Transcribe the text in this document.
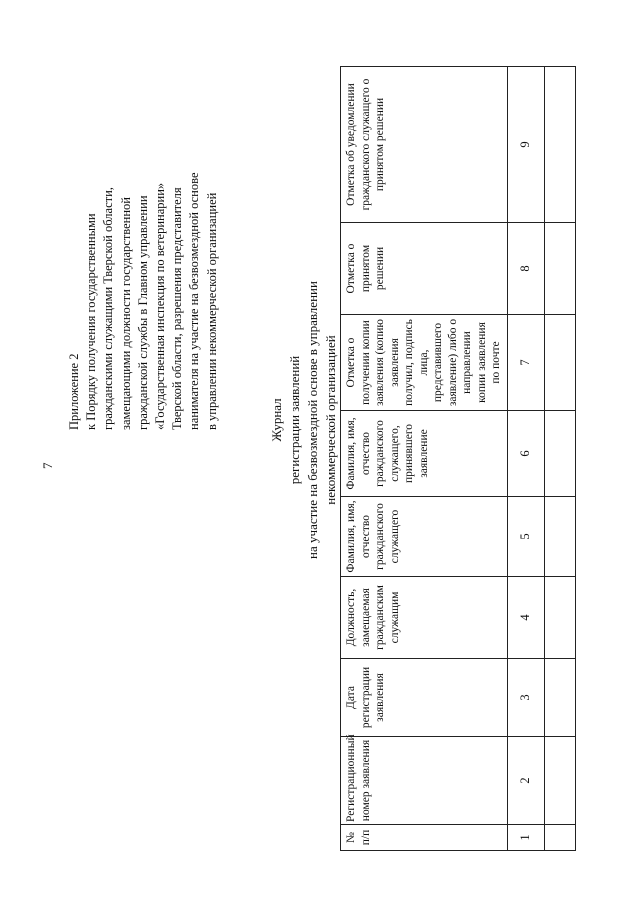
7
Приложение 2 к Порядку получения государственными гражданскими служащими Тверской области, замещающими должности государственной гражданской службы в Главном управлении «Государственная инспекция по ветеринарии» Тверской области, разрешения представителя нанимателя на участие на безвозмездной основе в управлении некоммерческой организацией	Журнал регистрации заявлений на участие на безвозмездной основе в управлении некоммерческой организацией
№ п/п	Регистрационный номер заявления	Дата регистрации заявления	Должность, замещаемая гражданским служащим	Фамилия, имя, отчество гражданского служащего	Фамилия, имя, отчество гражданского служащего, принявшего заявление	Отметка о получении копии заявления (копию заявления получил, подпись лица, представившего заявление) либо о направлении копии заявления по почте	Отметка о принятом решении	Отметка об уведомлении гражданского служащего о принятом решении
1	2	3	4	5	6	7	8	9
